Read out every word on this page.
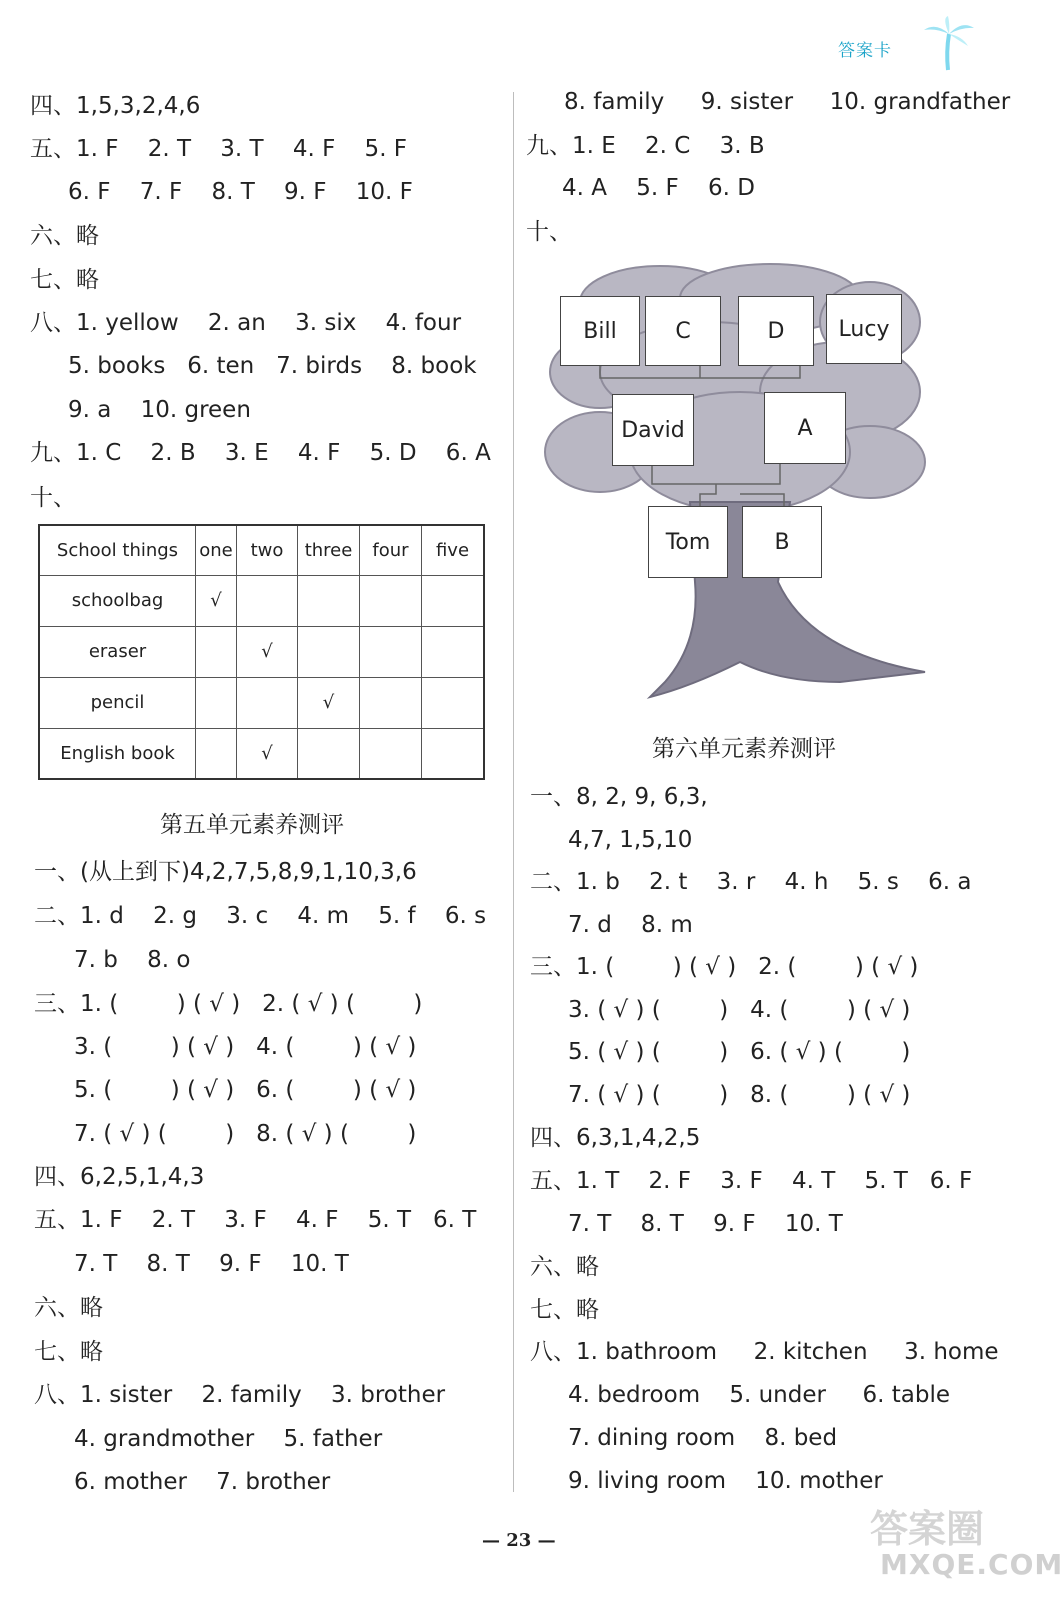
答案卡
四、1,5,3,2,4,6
五、1. F    2. T    3. T    4. F    5. F
6. F    7. F    8. T    9. F    10. F
六、略
七、略
八、1. yellow    2. an    3. six    4. four
5. books   6. ten   7. birds    8. book
9. a    10. green
九、1. C    2. B    3. E    4. F    5. D    6. A
十、
School things	one	two	three	four	five
schoolbag	√				
eraser		√			
pencil			√		
English book		√			
第五单元素养测评
一、(从上到下)4,2,7,5,8,9,1,10,3,6
二、1. d    2. g    3. c    4. m    5. f    6. s
7. b    8. o
三、1. (        ) ( √ )   2. ( √ ) (        )
3. (        ) ( √ )   4. (        ) ( √ )
5. (        ) ( √ )   6. (        ) ( √ )
7. ( √ ) (        )   8. ( √ ) (        )
四、6,2,5,1,4,3
五、1. F    2. T    3. F    4. F    5. T   6. T
7. T    8. T    9. F    10. T
六、略
七、略
八、1. sister    2. family    3. brother
4. grandmother    5. father
6. mother    7. brother
8. family     9. sister     10. grandfather
九、1. E    2. C    3. B
4. A    5. F    6. D
十、
Bill	C	D	Lucy
David	A
Tom	B
第六单元素养测评
一、8, 2, 9, 6,3,
4,7, 1,5,10
二、1. b    2. t    3. r    4. h    5. s    6. a
7. d    8. m
三、1. (        ) ( √ )   2. (        ) ( √ )
3. ( √ ) (        )   4. (        ) ( √ )
5. ( √ ) (        )   6. ( √ ) (        )
7. ( √ ) (        )   8. (        ) ( √ )
四、6,3,1,4,2,5
五、1. T    2. F    3. F    4. T    5. T   6. F
7. T    8. T    9. F    10. T
六、略
七、略
八、1. bathroom     2. kitchen     3. home
4. bedroom    5. under     6. table
7. dining room    8. bed
9. living room    10. mother
— 23 —	答案圈
MXQE.COM
